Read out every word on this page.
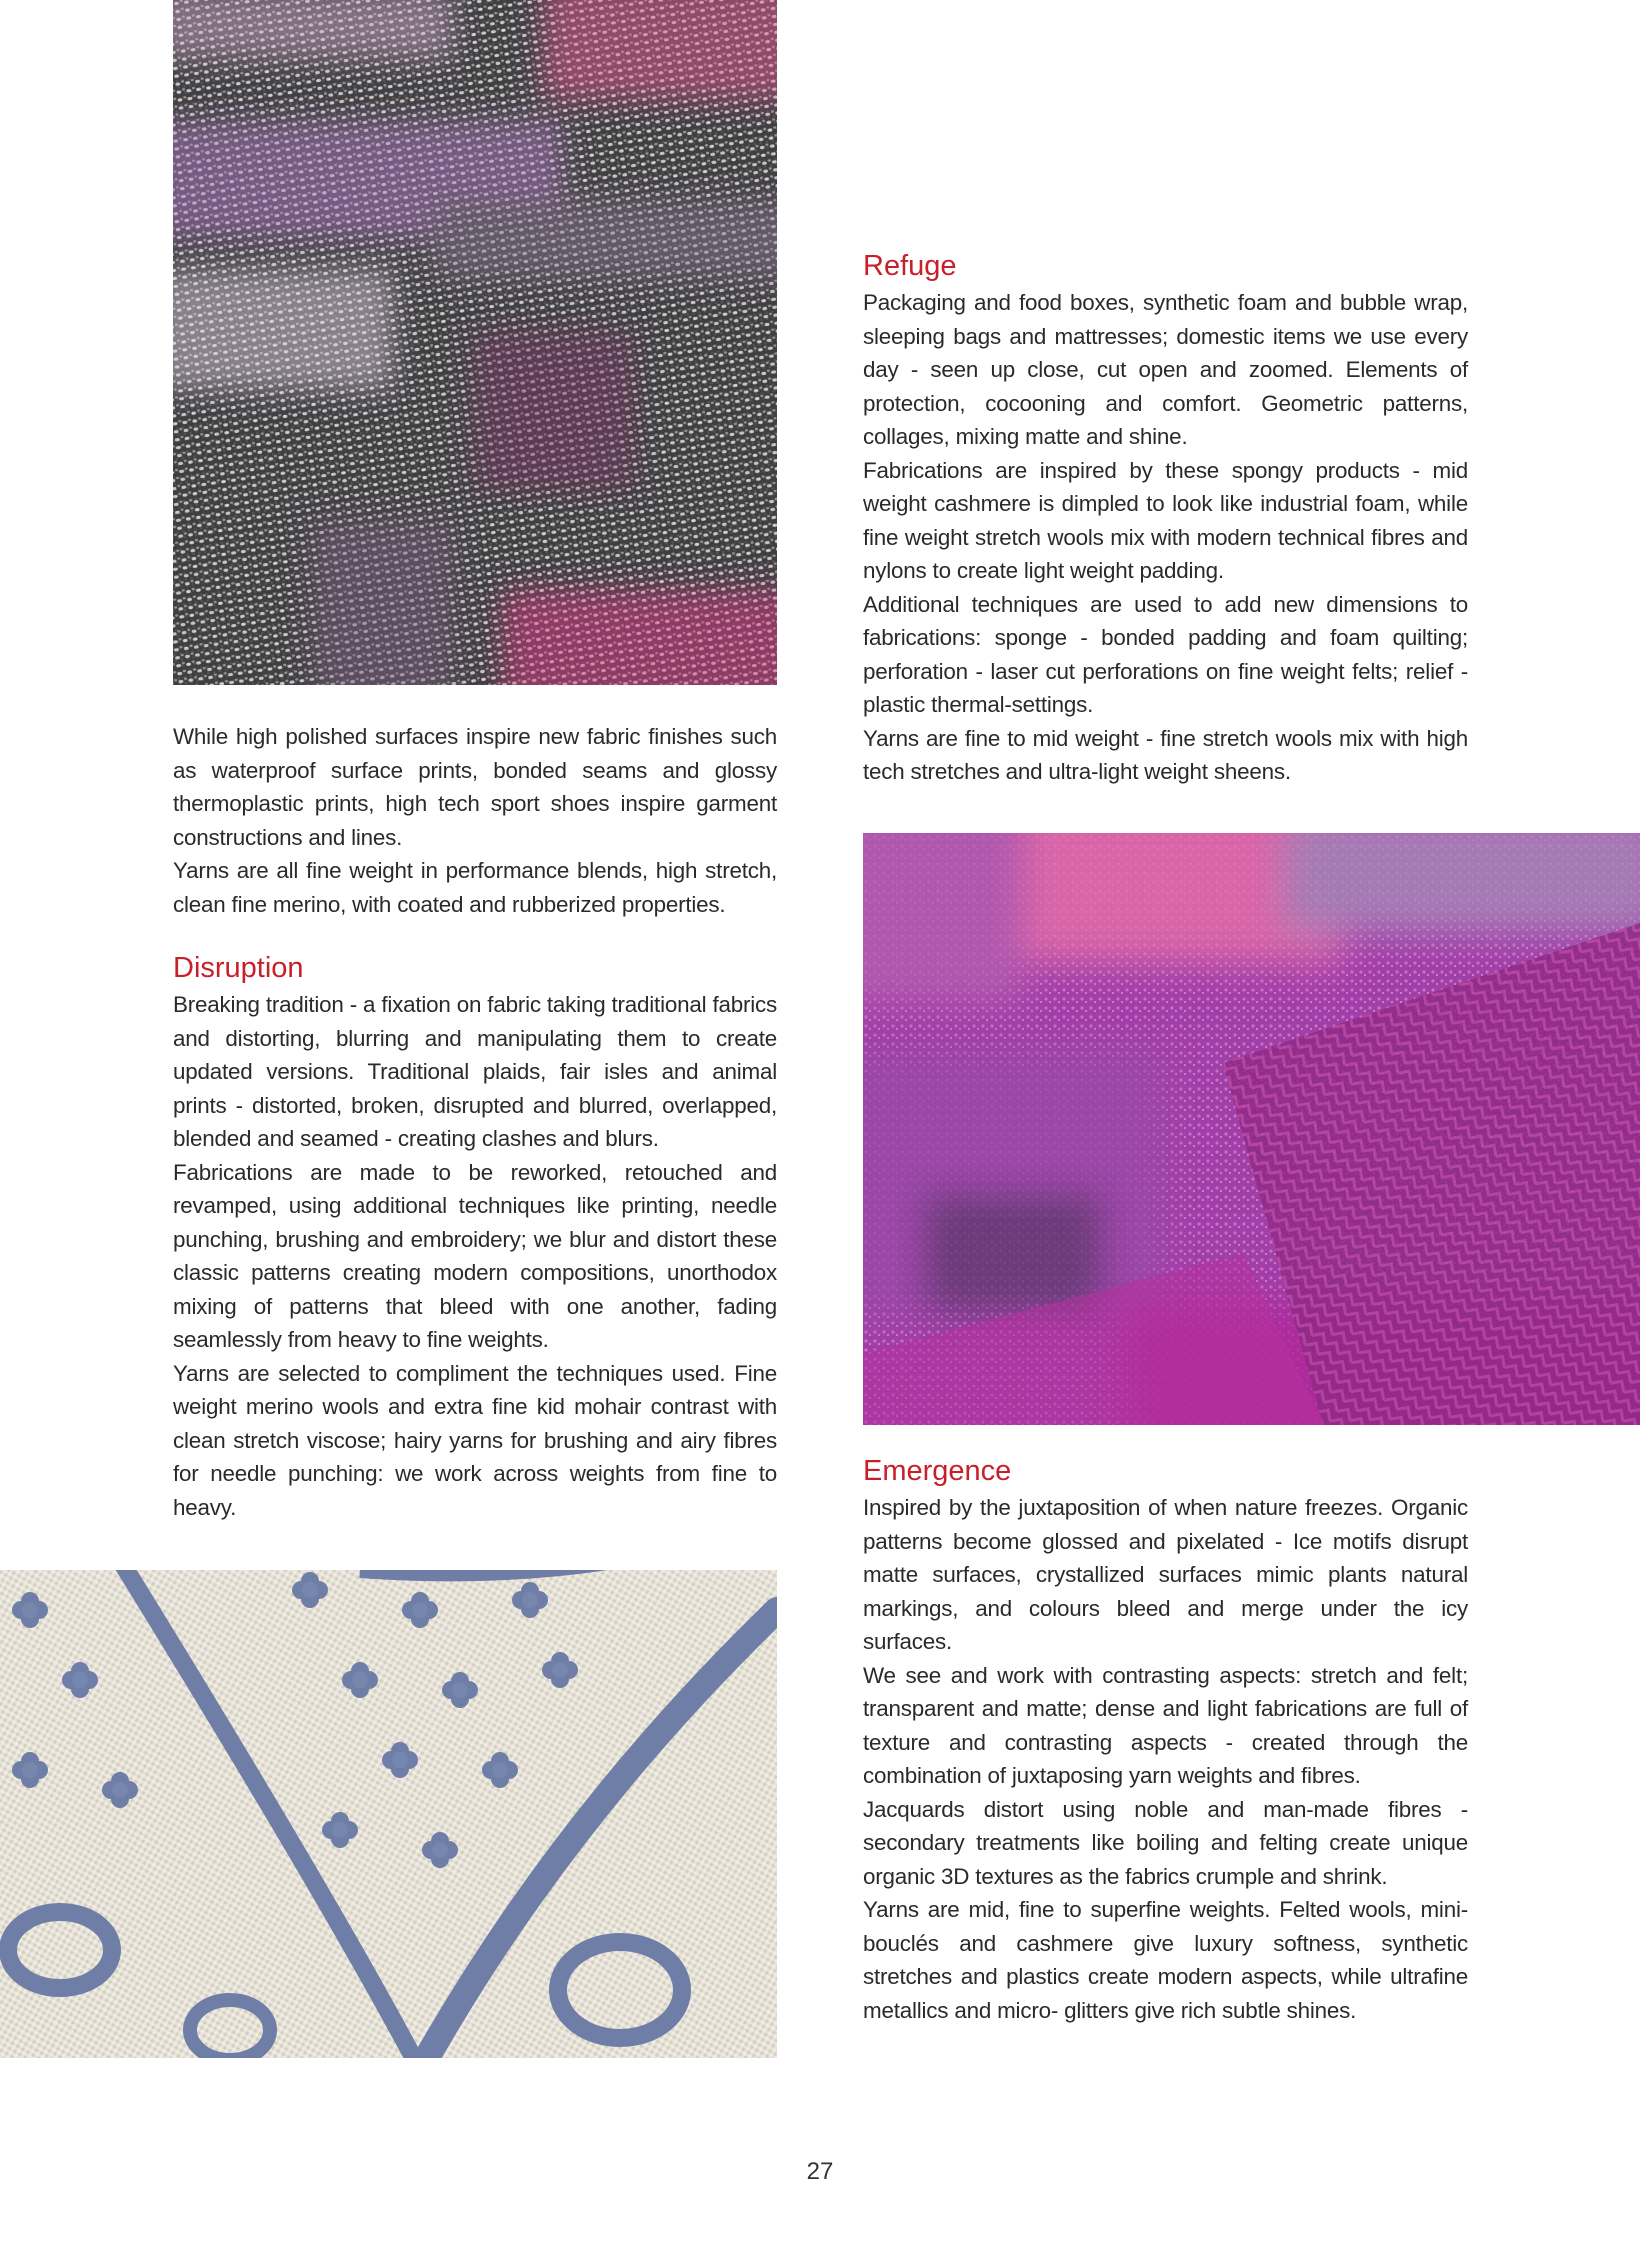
While high polished surfaces inspire new fabric finishes such as waterproof surface prints, bonded seams and glossy thermoplastic prints, high tech sport shoes inspire garment constructions and lines.

Yarns are all fine weight in performance blends, high stretch, clean fine merino, with coated and rubberized properties.

Disruption

Breaking tradition - a fixation on fabric taking traditional fabrics and distorting, blurring and manipulating them to create updated versions. Traditional plaids, fair isles and animal prints - distorted, broken, disrupted and blurred, overlapped, blended and seamed - creating clashes and blurs.

Fabrications are made to be reworked, retouched and revamped, using additional techniques like printing, needle punching, brushing and embroidery; we blur and distort these classic patterns creating modern compositions, unorthodox mixing of patterns that bleed with one another, fading seamlessly from heavy to fine weights.

Yarns are selected to compliment the techniques used. Fine weight merino wools and extra fine kid mohair contrast with clean stretch viscose; hairy yarns for brushing and airy fibres for needle punching: we work across weights from fine to heavy.

Refuge

Packaging and food boxes, synthetic foam and bubble wrap, sleeping bags and mattresses; domestic items we use every day - seen up close, cut open and zoomed. Elements of protection, cocooning and comfort. Geometric patterns, collages, mixing matte and shine.

Fabrications are inspired by these spongy products - mid weight cashmere is dimpled to look like industrial foam, while fine weight stretch wools mix with modern technical fibres and nylons to create light weight padding.

Additional techniques are used to add new dimensions to fabrications: sponge - bonded padding and foam quilting; perforation - laser cut perforations on fine weight felts; relief - plastic thermal-settings.

Yarns are fine to mid weight - fine stretch wools mix with high tech stretches and ultra-light weight sheens.

Emergence

Inspired by the juxtaposition of when nature freezes. Organic patterns become glossed and pixelated - Ice motifs disrupt matte surfaces, crystallized surfaces mimic plants natural markings, and colours bleed and merge under the icy surfaces.

We see and work with contrasting aspects: stretch and felt; transparent and matte; dense and light fabrications are full of texture and contrasting aspects - created through the combination of juxtaposing yarn weights and fibres.

Jacquards distort using noble and man-made fibres - secondary treatments like boiling and felting create unique organic 3D textures as the fabrics crumple and shrink.

Yarns are mid, fine to superfine weights. Felted wools, mini-bouclés and cashmere give luxury softness, synthetic stretches and plastics create modern aspects, while ultrafine metallics and micro- glitters give rich subtle shines.

27
